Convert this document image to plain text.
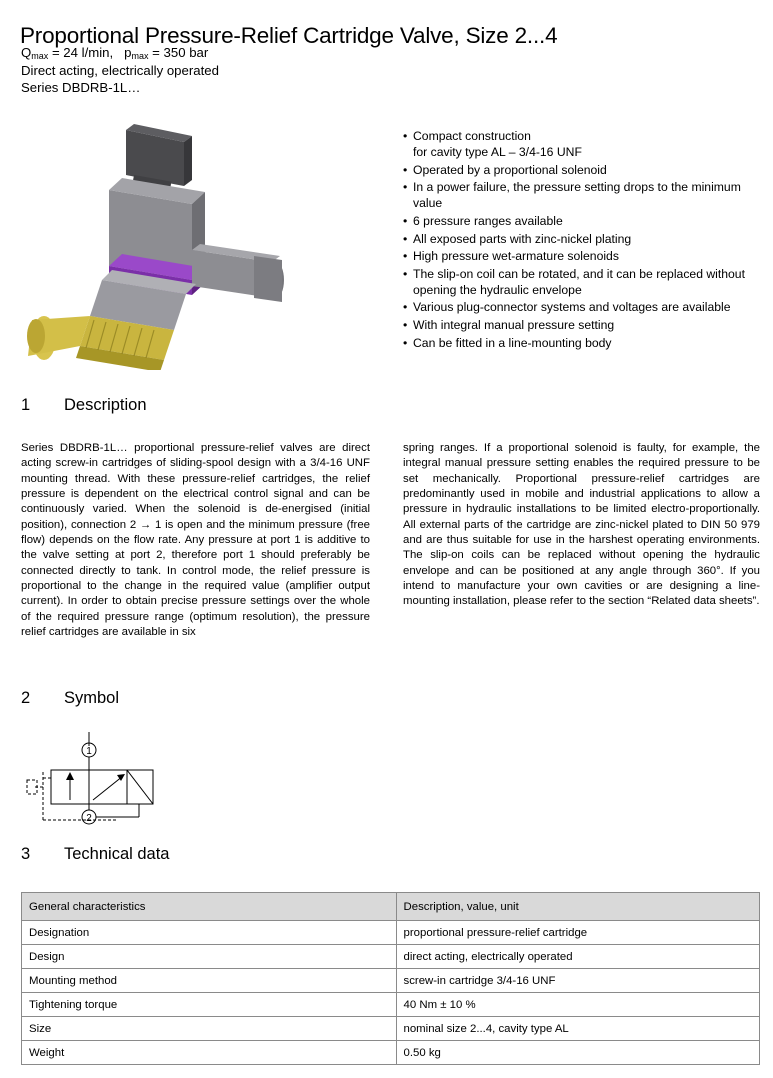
Proportional Pressure-Relief Cartridge Valve, Size 2...4
$Q_{max} = 24$ l/min, $p_{max} = 350$ bar
Direct acting, electrically operated
Series DBDRB-1L…
• Compact construction
for cavity type AL – 3/4-16 UNF
• Operated by a proportional solenoid
• In a power failure, the pressure setting drops to the minimum value
• 6 pressure ranges available
• All exposed parts with zinc-nickel plating
• High pressure wet-armature solenoids
• The slip-on coil can be rotated, and it can be replaced without opening the hydraulic envelope
• Various plug-connector systems and voltages are available
• With integral manual pressure setting
• Can be fitted in a line-mounting body
1 Description
Series DBDRB-1L… proportional pressure-relief valves are direct acting screw-in cartridges of sliding-spool design with a 3/4-16 UNF mounting thread. With these pressure-relief cartridges, the relief pressure is dependent on the electrical control signal and can be continuously varied. When the solenoid is de-energised (initial position), connection 2 → 1 is open and the minimum pressure (free flow) depends on the flow rate. Any pressure at port 1 is additive to the valve setting at port 2, therefore port 1 should preferably be connected directly to tank. In control mode, the relief pressure is proportional to the change in the required value (amplifier output current). In order to obtain precise pressure settings over the whole of the required pressure range (optimum resolution), the pressure relief cartridges are available in six
spring ranges. If a proportional solenoid is faulty, for example, the integral manual pressure setting enables the required pressure to be set mechanically. Proportional pressure-relief cartridges are predominantly used in mobile and industrial applications to allow a pressure in hydraulic installations to be limited electro-proportionally. All external parts of the cartridge are zinc-nickel plated to DIN 50 979 and are thus suitable for use in the harshest operating environments. The slip-on coils can be replaced without opening the hydraulic envelope and can be positioned at any angle through 360°. If you intend to manufacture your own cavities or are designing a line-mounting installation, please refer to the section “Related data sheets”.
2 Symbol
1
2
3 Technical data
General characteristics	Description, value, unit
Designation	proportional pressure-relief cartridge
Design	direct acting, electrically operated
Mounting method	screw-in cartridge 3/4-16 UNF
Tightening torque	40 Nm ± 10 %
Size	nominal size 2...4, cavity type AL
Weight	0.50 kg
